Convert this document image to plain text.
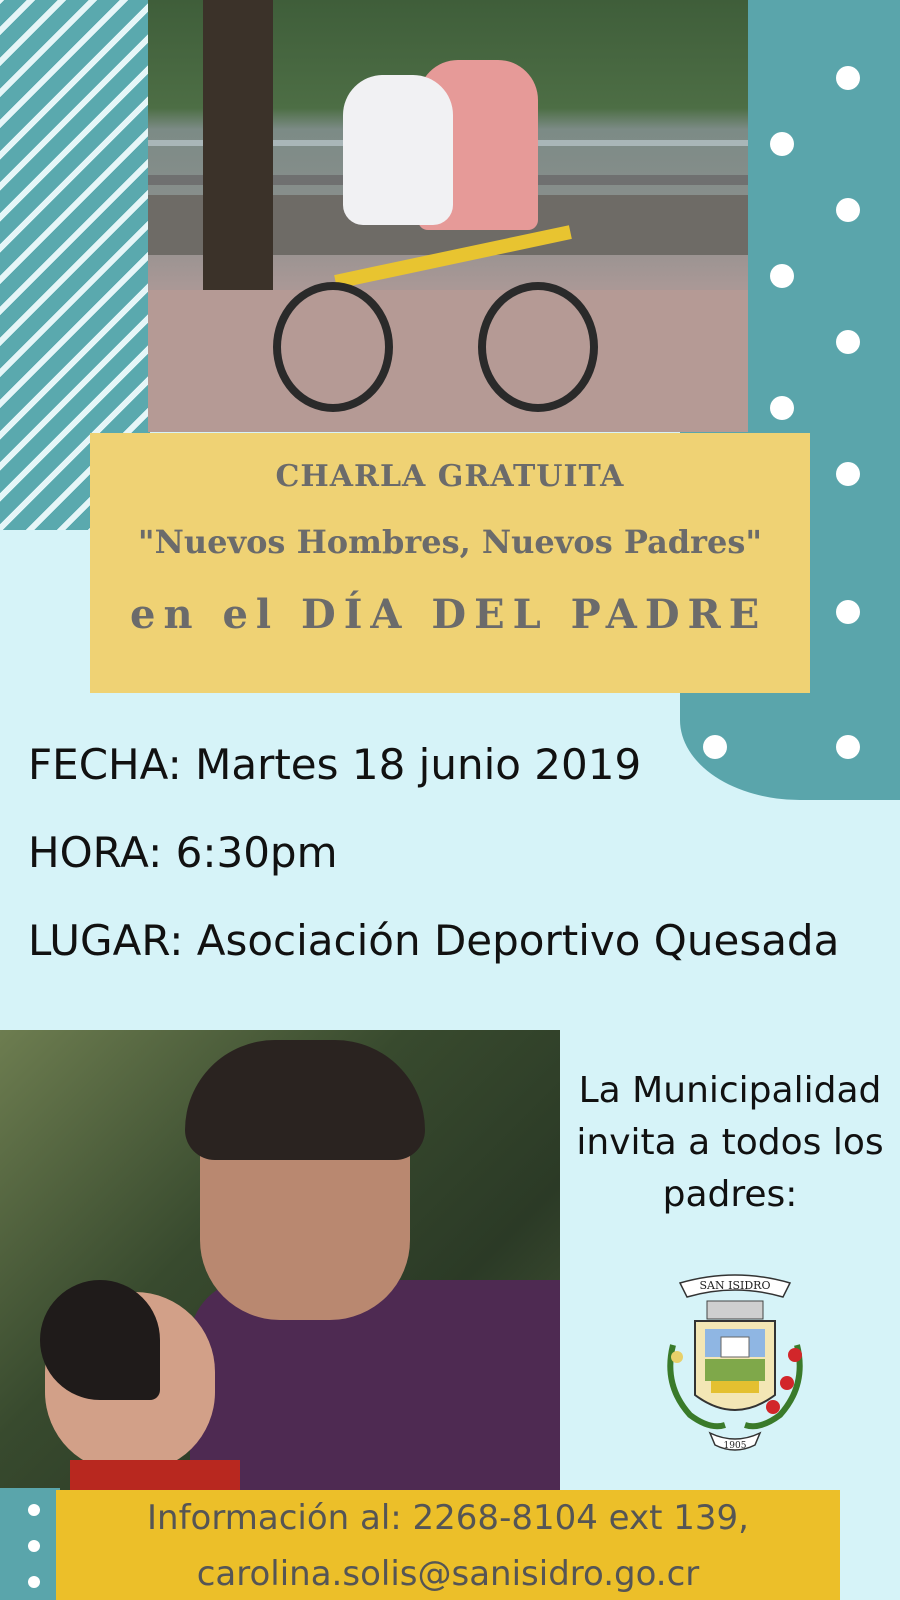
CHARLA GRATUITA
"Nuevos Hombres, Nuevos Padres"
en el DÍA DEL PADRE
FECHA: Martes 18 junio 2019
HORA: 6:30pm
LUGAR: Asociación Deportivo Quesada
La Municipalidad
invita a todos los
padres:
SAN ISIDRO
1905
Información al: 2268-8104 ext 139,
carolina.solis@sanisidro.go.cr
